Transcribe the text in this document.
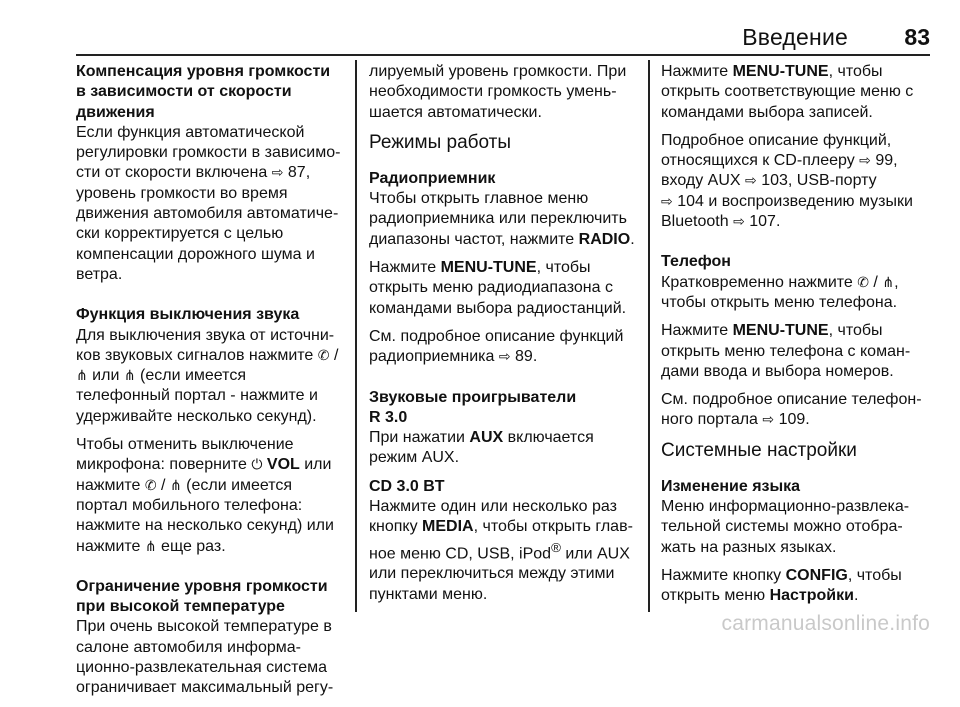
Введение 83

Компенсация уровня громкости в зависимости от скорости движения

Если функция автоматической регулировки громкости в зависимо-сти от скорости включена ⇨ 87, уровень громкости во время движения автомобиля автоматиче-ски корректируется с целью компенсации дорожного шума и ветра.

Функция выключения звука

Для выключения звука от источни-ков звуковых сигналов нажмите ✆ / ⋔ или ⋔ (если имеется телефонный портал - нажмите и удерживайте несколько секунд).

Чтобы отменить выключение микрофона: поверните ⏻ VOL или нажмите ✆ / ⋔ (если имеется портал мобильного телефона: нажмите на несколько секунд) или нажмите ⋔ еще раз.

Ограничение уровня громкости при высокой температуре

При очень высокой температуре в салоне автомобиля информа-ционно-развлекательная система ограничивает максимальный регу-

лируемый уровень громкости. При необходимости громкость умень-шается автоматически.

Режимы работы

Радиоприемник

Чтобы открыть главное меню радиоприемника или переключить диапазоны частот, нажмите RADIO.

Нажмите MENU-TUNE, чтобы открыть меню радиодиапазона с командами выбора радиостанций.

См. подробное описание функций радиоприемника ⇨ 89.

Звуковые проигрыватели

R 3.0

При нажатии AUX включается режим AUX.

CD 3.0 BT

Нажмите один или несколько раз кнопку MEDIA, чтобы открыть глав-ное меню CD, USB, iPod® или AUX или переключиться между этими пунктами меню.

Нажмите MENU-TUNE, чтобы открыть соответствующие меню с командами выбора записей.

Подробное описание функций, относящихся к CD-плееру ⇨ 99, входу AUX ⇨ 103, USB-порту
⇨ 104 и воспроизведению музыки Bluetooth ⇨ 107.

Телефон

Кратковременно нажмите ✆ / ⋔, чтобы открыть меню телефона.

Нажмите MENU-TUNE, чтобы открыть меню телефона с коман-дами ввода и выбора номеров.

См. подробное описание телефон-ного портала ⇨ 109.

Системные настройки

Изменение языка

Меню информационно-развлека-тельной системы можно отобра-жать на разных языках.

Нажмите кнопку CONFIG, чтобы открыть меню Настройки.

carmanualsonline.info
